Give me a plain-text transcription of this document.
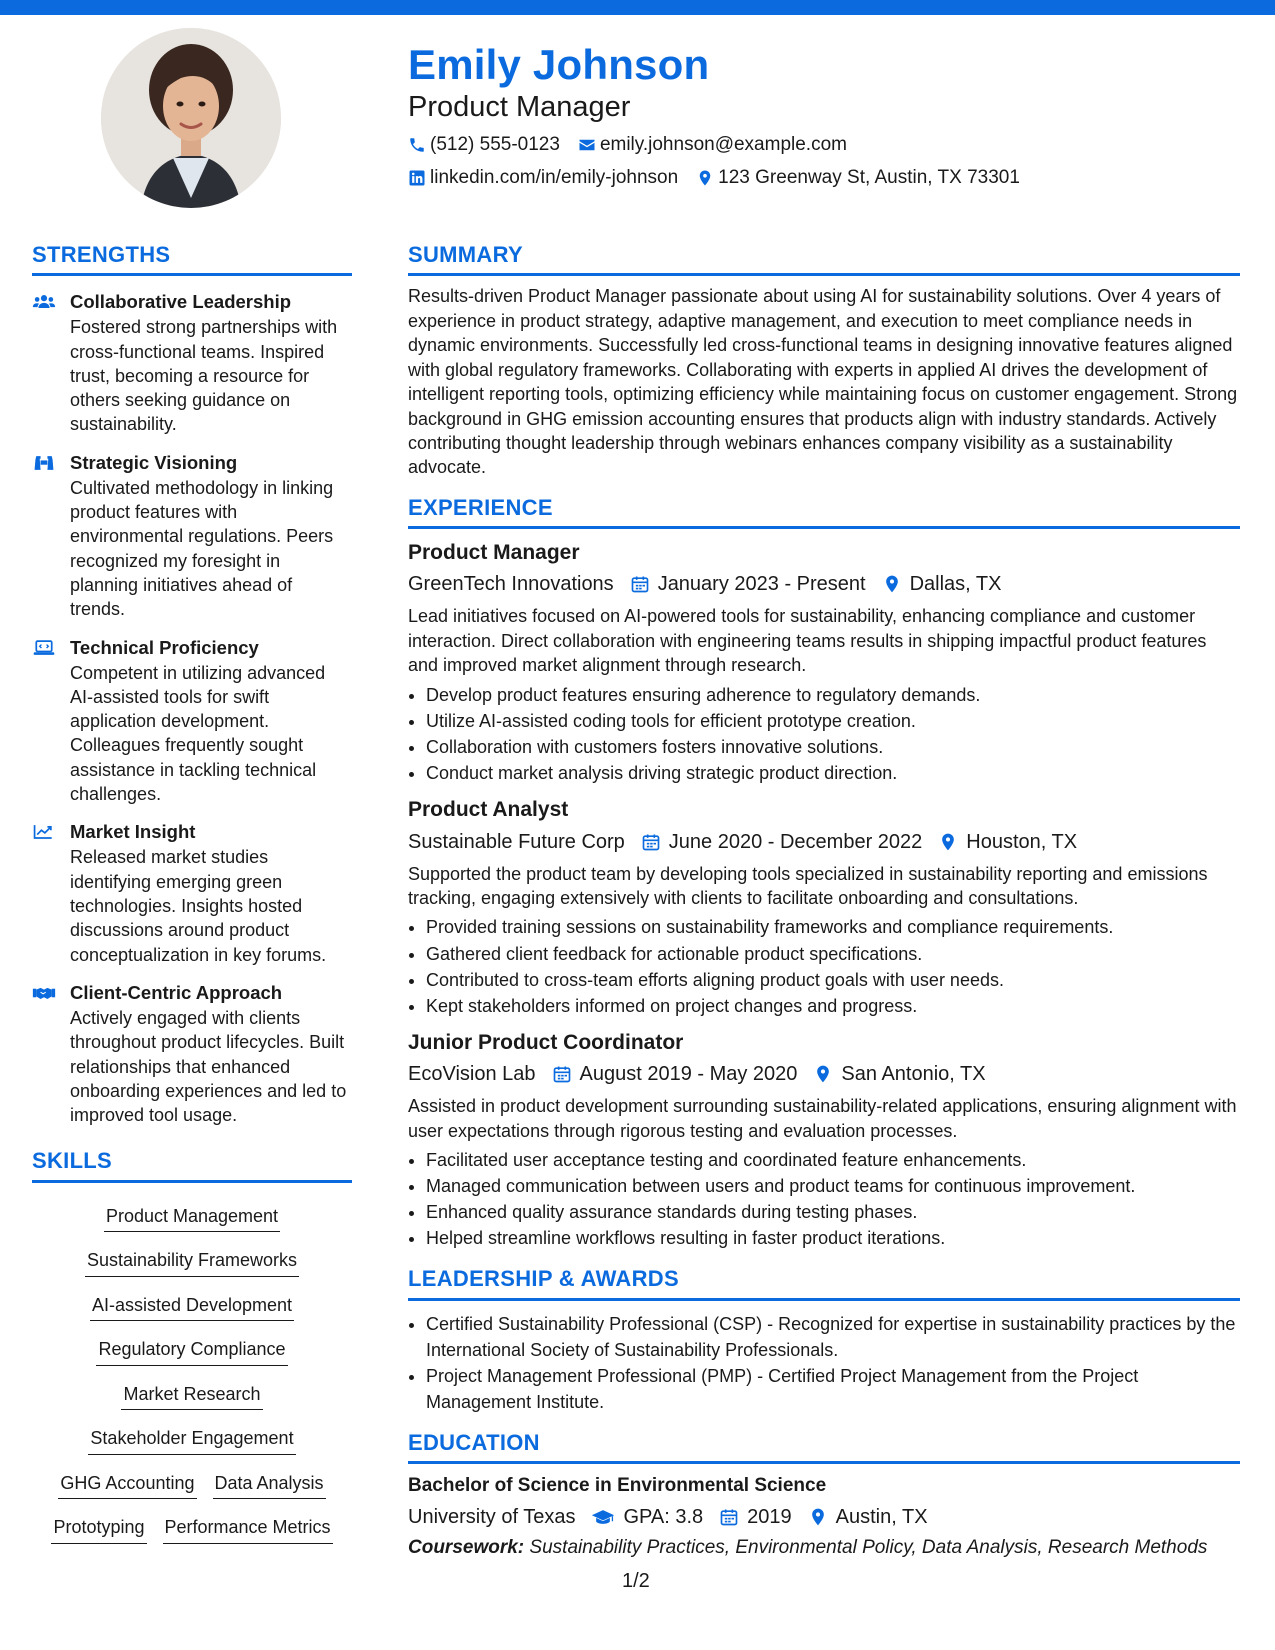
Emily Johnson
Product Manager
(512) 555-0123 emily.johnson@example.com
linkedin.com/in/emily-johnson 123 Greenway St, Austin, TX 73301
STRENGTHS
Collaborative Leadership
Fostered strong partnerships with cross-functional teams. Inspired trust, becoming a resource for others seeking guidance on sustainability.
Strategic Visioning
Cultivated methodology in linking product features with environmental regulations. Peers recognized my foresight in planning initiatives ahead of trends.
Technical Proficiency
Competent in utilizing advanced AI-assisted tools for swift application development. Colleagues frequently sought assistance in tackling technical challenges.
Market Insight
Released market studies identifying emerging green technologies. Insights hosted discussions around product conceptualization in key forums.
Client-Centric Approach
Actively engaged with clients throughout product lifecycles. Built relationships that enhanced onboarding experiences and led to improved tool usage.
SKILLS
Product Management
Sustainability Frameworks
AI-assisted Development
Regulatory Compliance
Market Research
Stakeholder Engagement
GHG Accounting Data Analysis
Prototyping Performance Metrics
SUMMARY
Results-driven Product Manager passionate about using AI for sustainability solutions. Over 4 years of experience in product strategy, adaptive management, and execution to meet compliance needs in dynamic environments. Successfully led cross-functional teams in designing innovative features aligned with global regulatory frameworks. Collaborating with experts in applied AI drives the development of intelligent reporting tools, optimizing efficiency while maintaining focus on customer engagement. Strong background in GHG emission accounting ensures that products align with industry standards. Actively contributing thought leadership through webinars enhances company visibility as a sustainability advocate.
EXPERIENCE
Product Manager
GreenTech Innovations January 2023 - Present Dallas, TX
Lead initiatives focused on AI-powered tools for sustainability, enhancing compliance and customer interaction. Direct collaboration with engineering teams results in shipping impactful product features and improved market alignment through research.
• Develop product features ensuring adherence to regulatory demands.
• Utilize AI-assisted coding tools for efficient prototype creation.
• Collaboration with customers fosters innovative solutions.
• Conduct market analysis driving strategic product direction.
Product Analyst
Sustainable Future Corp June 2020 - December 2022 Houston, TX
Supported the product team by developing tools specialized in sustainability reporting and emissions tracking, engaging extensively with clients to facilitate onboarding and consultations.
• Provided training sessions on sustainability frameworks and compliance requirements.
• Gathered client feedback for actionable product specifications.
• Contributed to cross-team efforts aligning product goals with user needs.
• Kept stakeholders informed on project changes and progress.
Junior Product Coordinator
EcoVision Lab August 2019 - May 2020 San Antonio, TX
Assisted in product development surrounding sustainability-related applications, ensuring alignment with user expectations through rigorous testing and evaluation processes.
• Facilitated user acceptance testing and coordinated feature enhancements.
• Managed communication between users and product teams for continuous improvement.
• Enhanced quality assurance standards during testing phases.
• Helped streamline workflows resulting in faster product iterations.
LEADERSHIP & AWARDS
• Certified Sustainability Professional (CSP) - Recognized for expertise in sustainability practices by the International Society of Sustainability Professionals.
• Project Management Professional (PMP) - Certified Project Management from the Project Management Institute.
EDUCATION
Bachelor of Science in Environmental Science
University of Texas GPA: 3.8 2019 Austin, TX
Coursework: Sustainability Practices, Environmental Policy, Data Analysis, Research Methods
1/2
